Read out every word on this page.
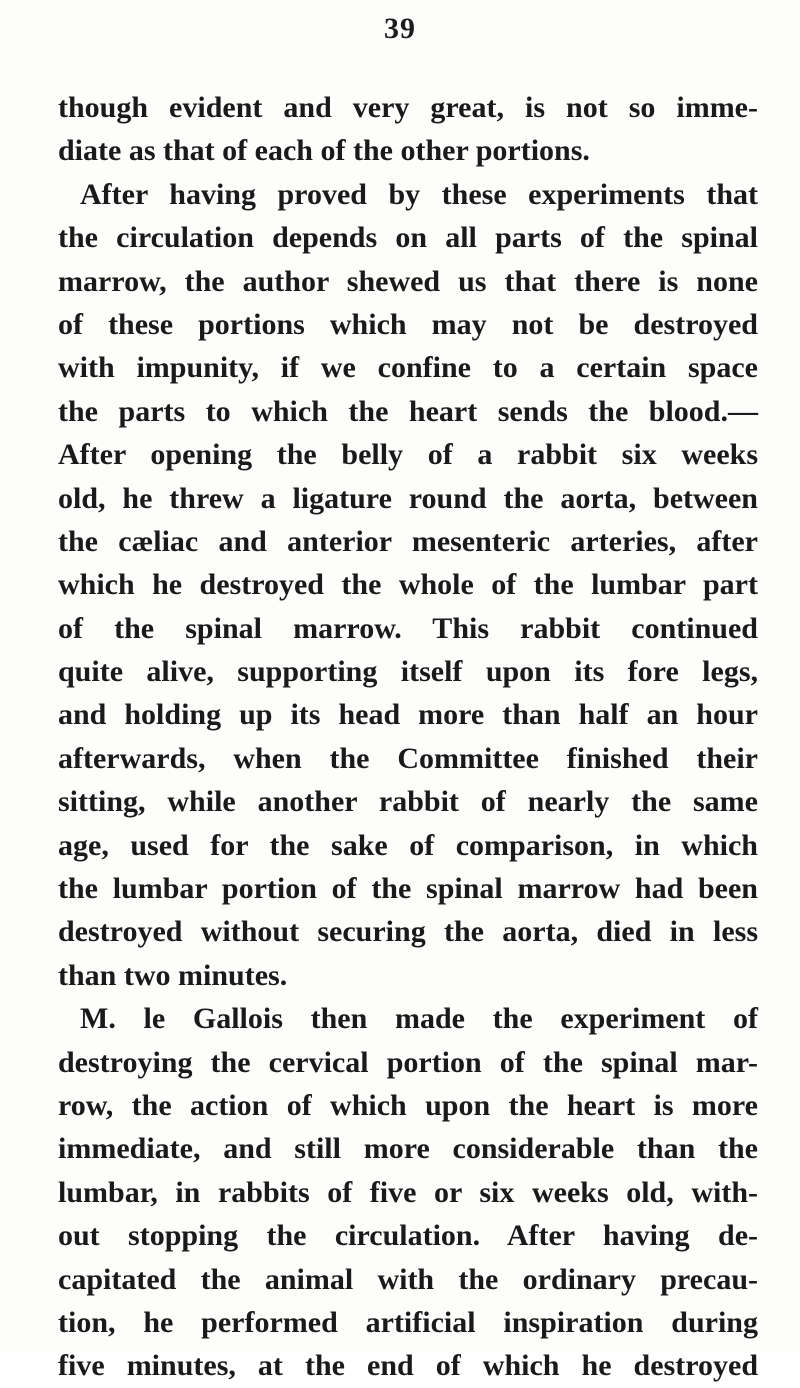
39
though evident and very great, is not so imme-
diate as that of each of the other portions.
After having proved by these experiments that
the circulation depends on all parts of the spinal
marrow, the author shewed us that there is none
of these portions which may not be destroyed
with impunity, if we confine to a certain space
the parts to which the heart sends the blood.—
After opening the belly of a rabbit six weeks
old, he threw a ligature round the aorta, between
the cæliac and anterior mesenteric arteries, after
which he destroyed the whole of the lumbar part
of the spinal marrow. This rabbit continued
quite alive, supporting itself upon its fore legs,
and holding up its head more than half an hour
afterwards, when the Committee finished their
sitting, while another rabbit of nearly the same
age, used for the sake of comparison, in which
the lumbar portion of the spinal marrow had been
destroyed without securing the aorta, died in less
than two minutes.
M. le Gallois then made the experiment of
destroying the cervical portion of the spinal mar-
row, the action of which upon the heart is more
immediate, and still more considerable than the
lumbar, in rabbits of five or six weeks old, with-
out stopping the circulation. After having de-
capitated the animal with the ordinary precau-
tion, he performed artificial inspiration during
five minutes, at the end of which he destroyed
